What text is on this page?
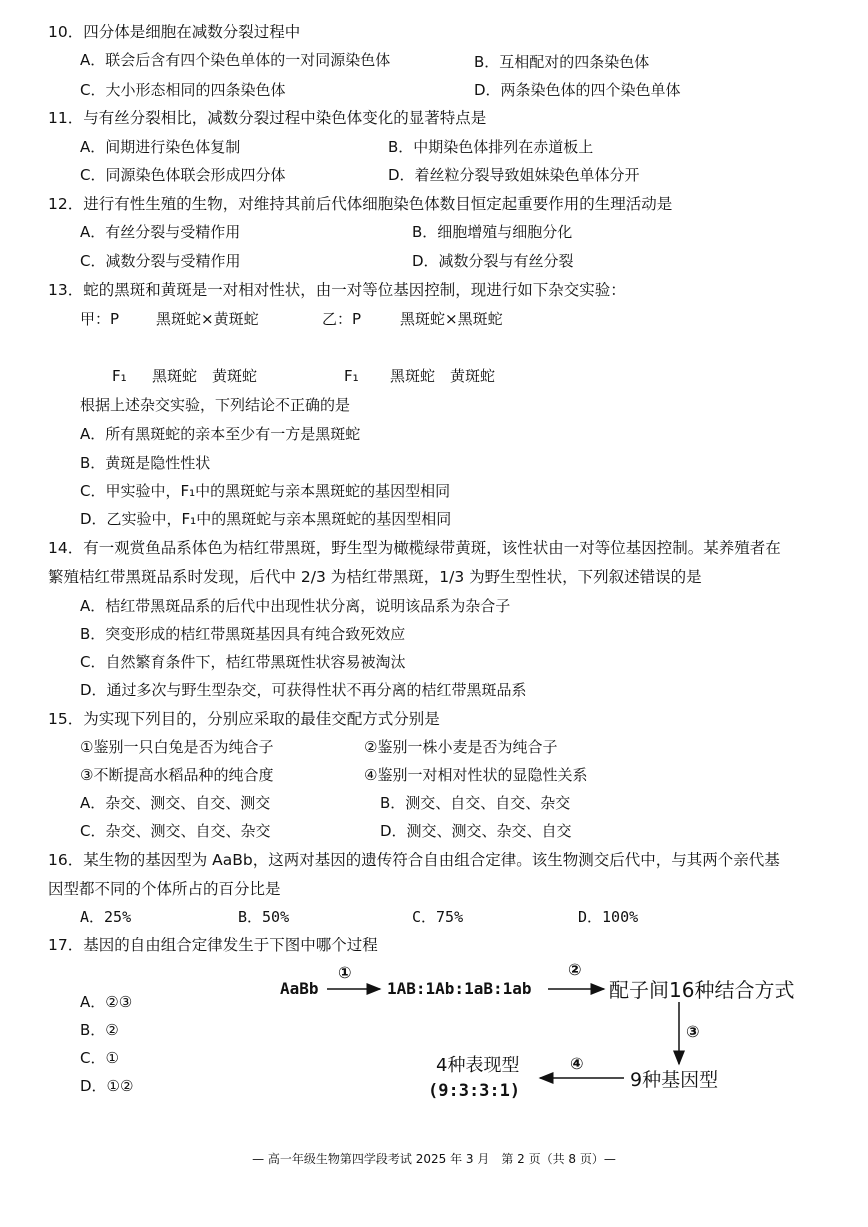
10．四分体是细胞在减数分裂过程中
A．联会后含有四个染色单体的一对同源染色体	B．互相配对的四条染色体
C．大小形态相同的四条染色体	D．两条染色体的四个染色单体
11．与有丝分裂相比，减数分裂过程中染色体变化的显著特点是
A．间期进行染色体复制	B．中期染色体排列在赤道板上
C．同源染色体联会形成四分体	D．着丝粒分裂导致姐妹染色单体分开
12．进行有性生殖的生物，对维持其前后代体细胞染色体数目恒定起重要作用的生理活动是
A．有丝分裂与受精作用	B．细胞增殖与细胞分化
C．减数分裂与受精作用	D．减数分裂与有丝分裂
13．蛇的黑斑和黄斑是一对相对性状，由一对等位基因控制，现进行如下杂交实验：
甲：P 黑斑蛇×黄斑蛇	乙：P	黑斑蛇×黑斑蛇
F₁ 黑斑蛇　黄斑蛇	F₁ 黑斑蛇　黄斑蛇
根据上述杂交实验，下列结论不正确的是
A．所有黑斑蛇的亲本至少有一方是黑斑蛇
B．黄斑是隐性性状
C．甲实验中，F₁中的黑斑蛇与亲本黑斑蛇的基因型相同
D．乙实验中，F₁中的黑斑蛇与亲本黑斑蛇的基因型相同
14．有一观赏鱼品系体色为桔红带黑斑，野生型为橄榄绿带黄斑，该性状由一对等位基因控制。某养殖者在
繁殖桔红带黑斑品系时发现，后代中 2/3 为桔红带黑斑，1/3 为野生型性状，下列叙述错误的是
A．桔红带黑斑品系的后代中出现性状分离，说明该品系为杂合子
B．突变形成的桔红带黑斑基因具有纯合致死效应
C．自然繁育条件下，桔红带黑斑性状容易被淘汰
D．通过多次与野生型杂交，可获得性状不再分离的桔红带黑斑品系
15．为实现下列目的，分别应采取的最佳交配方式分别是
①鉴别一只白兔是否为纯合子	②鉴别一株小麦是否为纯合子
③不断提高水稻品种的纯合度	④鉴别一对相对性状的显隐性关系
A．杂交、测交、自交、测交	B．测交、自交、自交、杂交
C．杂交、测交、自交、杂交	D．测交、测交、杂交、自交
16．某生物的基因型为 AaBb，这两对基因的遗传符合自由组合定律。该生物测交后代中，与其两个亲代基
因型都不同的个体所占的百分比是
A．25%	B．50%	C．75%	D．100%
17．基因的自由组合定律发生于下图中哪个过程
A．②③
B．②
C．①
D．①②
AaBb
①
1AB:1Ab:1aB:1ab
②
配子间16种结合方式
③
9种基因型
④
4种表现型
(9:3:3:1)
— 高一年级生物第四学段考试 2025 年 3 月　第 2 页（共 8 页）—
